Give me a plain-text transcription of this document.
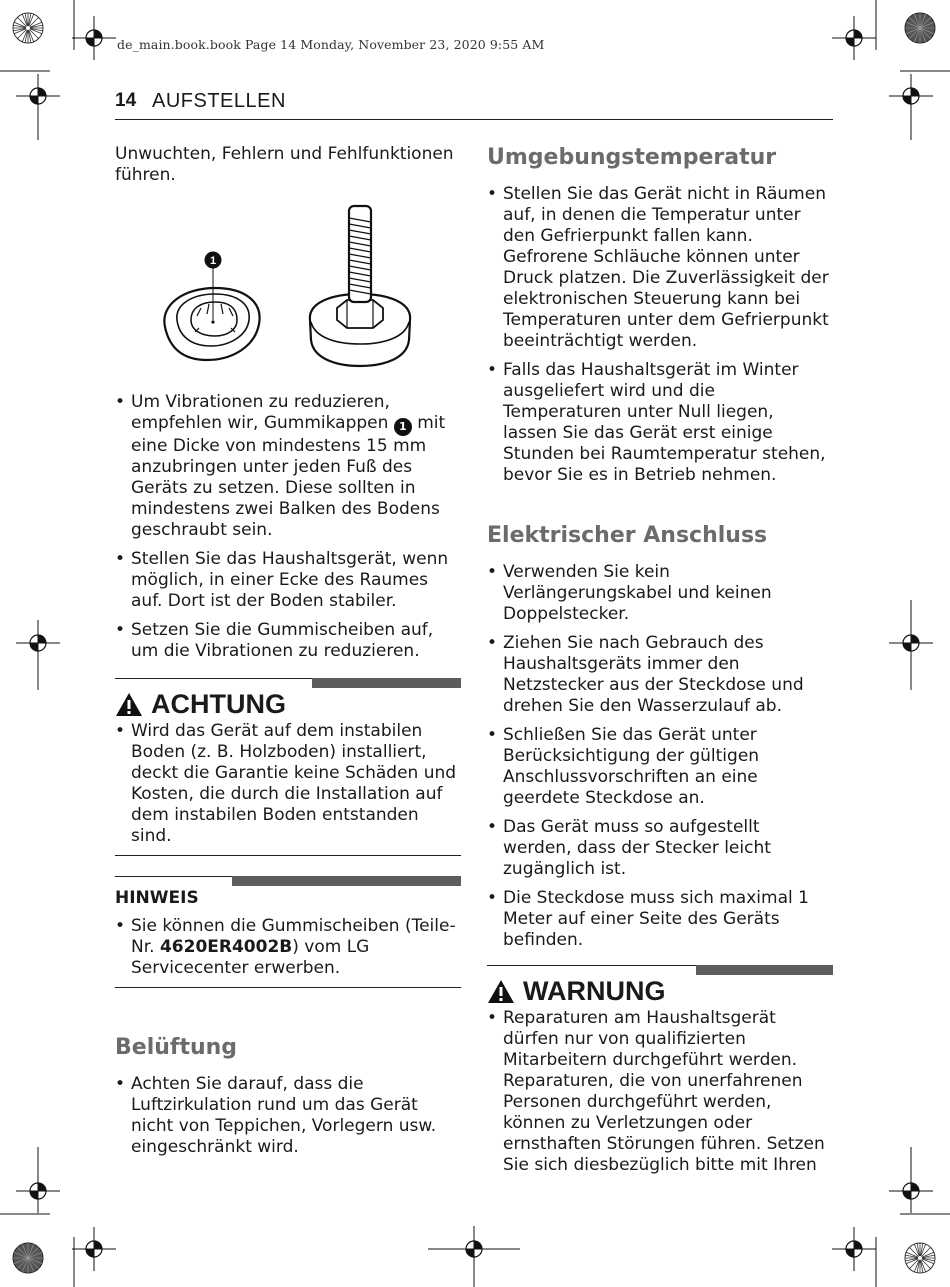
de_main.book.book Page 14 Monday, November 23, 2020 9:55 AM
14 AUFSTELLEN

Unwuchten, Fehlern und Fehlfunktionen führen.

1
• Um Vibrationen zu reduzieren, empfehlen wir, Gummikappen 1 mit eine Dicke von mindestens 15 mm anzubringen unter jeden Fuß des Geräts zu setzen. Diese sollten in mindestens zwei Balken des Bodens geschraubt sein.
• Stellen Sie das Haushaltsgerät, wenn möglich, in einer Ecke des Raumes auf. Dort ist der Boden stabiler.
• Setzen Sie die Gummischeiben auf, um die Vibrationen zu reduzieren.
ACHTUNG
• Wird das Gerät auf dem instabilen Boden (z. B. Holzboden) installiert, deckt die Garantie keine Schäden und Kosten, die durch die Installation auf dem instabilen Boden entstanden sind.
HINWEIS
• Sie können die Gummischeiben (Teile-Nr. 4620ER4002B) vom LG Servicecenter erwerben.
Belüftung
• Achten Sie darauf, dass die Luftzirkulation rund um das Gerät nicht von Teppichen, Vorlegern usw. eingeschränkt wird.
Umgebungstemperatur
• Stellen Sie das Gerät nicht in Räumen auf, in denen die Temperatur unter den Gefrierpunkt fallen kann. Gefrorene Schläuche können unter Druck platzen. Die Zuverlässigkeit der elektronischen Steuerung kann bei Temperaturen unter dem Gefrierpunkt beeinträchtigt werden.
• Falls das Haushaltsgerät im Winter ausgeliefert wird und die Temperaturen unter Null liegen, lassen Sie das Gerät erst einige Stunden bei Raumtemperatur stehen, bevor Sie es in Betrieb nehmen.
Elektrischer Anschluss
• Verwenden Sie kein Verlängerungskabel und keinen Doppelstecker.
• Ziehen Sie nach Gebrauch des Haushaltsgeräts immer den Netzstecker aus der Steckdose und drehen Sie den Wasserzulauf ab.
• Schließen Sie das Gerät unter Berücksichtigung der gültigen Anschlussvorschriften an eine geerdete Steckdose an.
• Das Gerät muss so aufgestellt werden, dass der Stecker leicht zugänglich ist.
• Die Steckdose muss sich maximal 1 Meter auf einer Seite des Geräts befinden.
WARNUNG
• Reparaturen am Haushaltsgerät dürfen nur von qualifizierten Mitarbeitern durchgeführt werden. Reparaturen, die von unerfahrenen Personen durchgeführt werden, können zu Verletzungen oder ernsthaften Störungen führen. Setzen Sie sich diesbezüglich bitte mit Ihren
